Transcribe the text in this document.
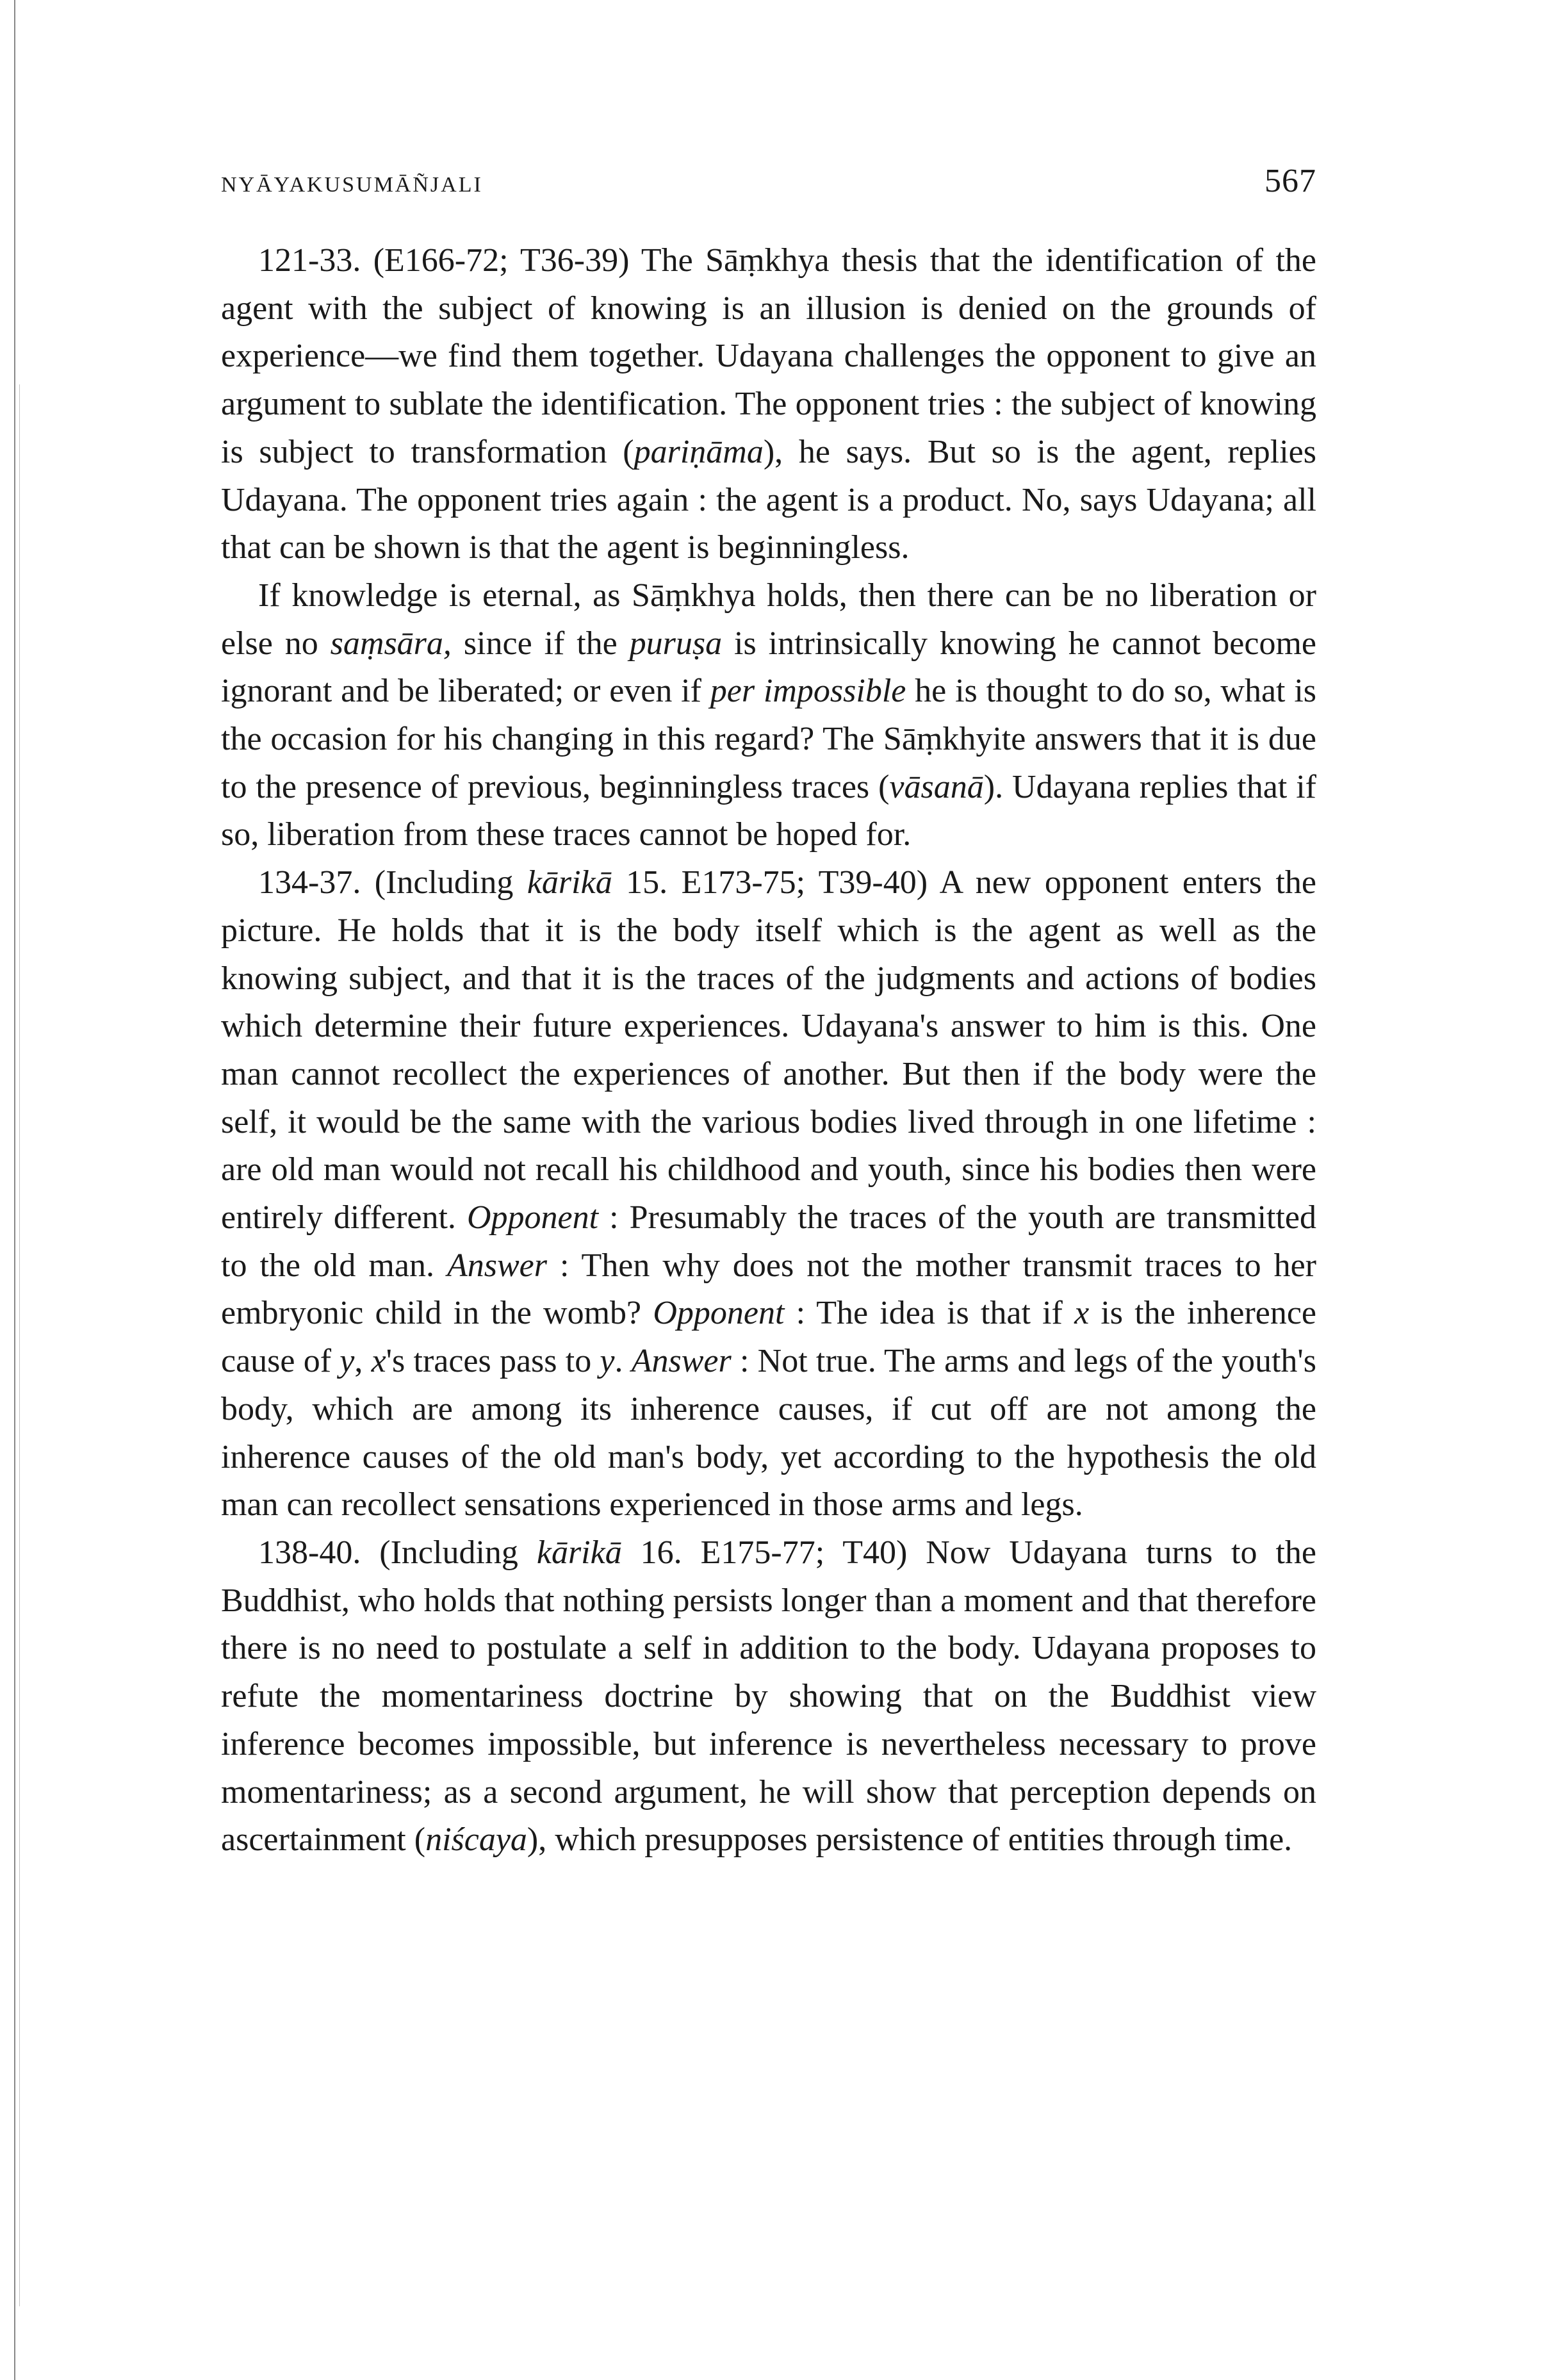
NYĀYAKUSUMĀÑJALI	567

121-33. (E166-72; T36-39) The Sāṃkhya thesis that the identification of the agent with the subject of knowing is an illusion is denied on the grounds of experience—we find them together. Udayana challenges the opponent to give an argument to sublate the identification. The opponent tries : the subject of knowing is subject to transformation (pariṇāma), he says. But so is the agent, replies Udayana. The opponent tries again : the agent is a product. No, says Udayana; all that can be shown is that the agent is beginningless.

If knowledge is eternal, as Sāṃkhya holds, then there can be no liberation or else no saṃsāra, since if the puruṣa is intrinsically knowing he cannot become ignorant and be liberated; or even if per impossible he is thought to do so, what is the occasion for his changing in this regard? The Sāṃkhyite answers that it is due to the presence of previous, beginningless traces (vāsanā). Udayana replies that if so, liberation from these traces cannot be hoped for.

134-37. (Including kārikā 15. E173-75; T39-40) A new opponent enters the picture. He holds that it is the body itself which is the agent as well as the knowing subject, and that it is the traces of the judgments and actions of bodies which determine their future experiences. Udayana's answer to him is this. One man cannot recollect the experiences of another. But then if the body were the self, it would be the same with the various bodies lived through in one lifetime : are old man would not recall his childhood and youth, since his bodies then were entirely different. Opponent : Presumably the traces of the youth are transmitted to the old man. Answer : Then why does not the mother transmit traces to her embryonic child in the womb? Opponent : The idea is that if x is the inherence cause of y, x's traces pass to y. Answer : Not true. The arms and legs of the youth's body, which are among its inherence causes, if cut off are not among the inherence causes of the old man's body, yet according to the hypothesis the old man can recollect sensations experienced in those arms and legs.

138-40. (Including kārikā 16. E175-77; T40) Now Udayana turns to the Buddhist, who holds that nothing persists longer than a moment and that therefore there is no need to postulate a self in addition to the body. Udayana proposes to refute the momentariness doctrine by showing that on the Buddhist view inference becomes impossible, but inference is nevertheless necessary to prove momentariness; as a second argument, he will show that perception depends on ascertainment (niścaya), which presupposes persistence of entities through time.
